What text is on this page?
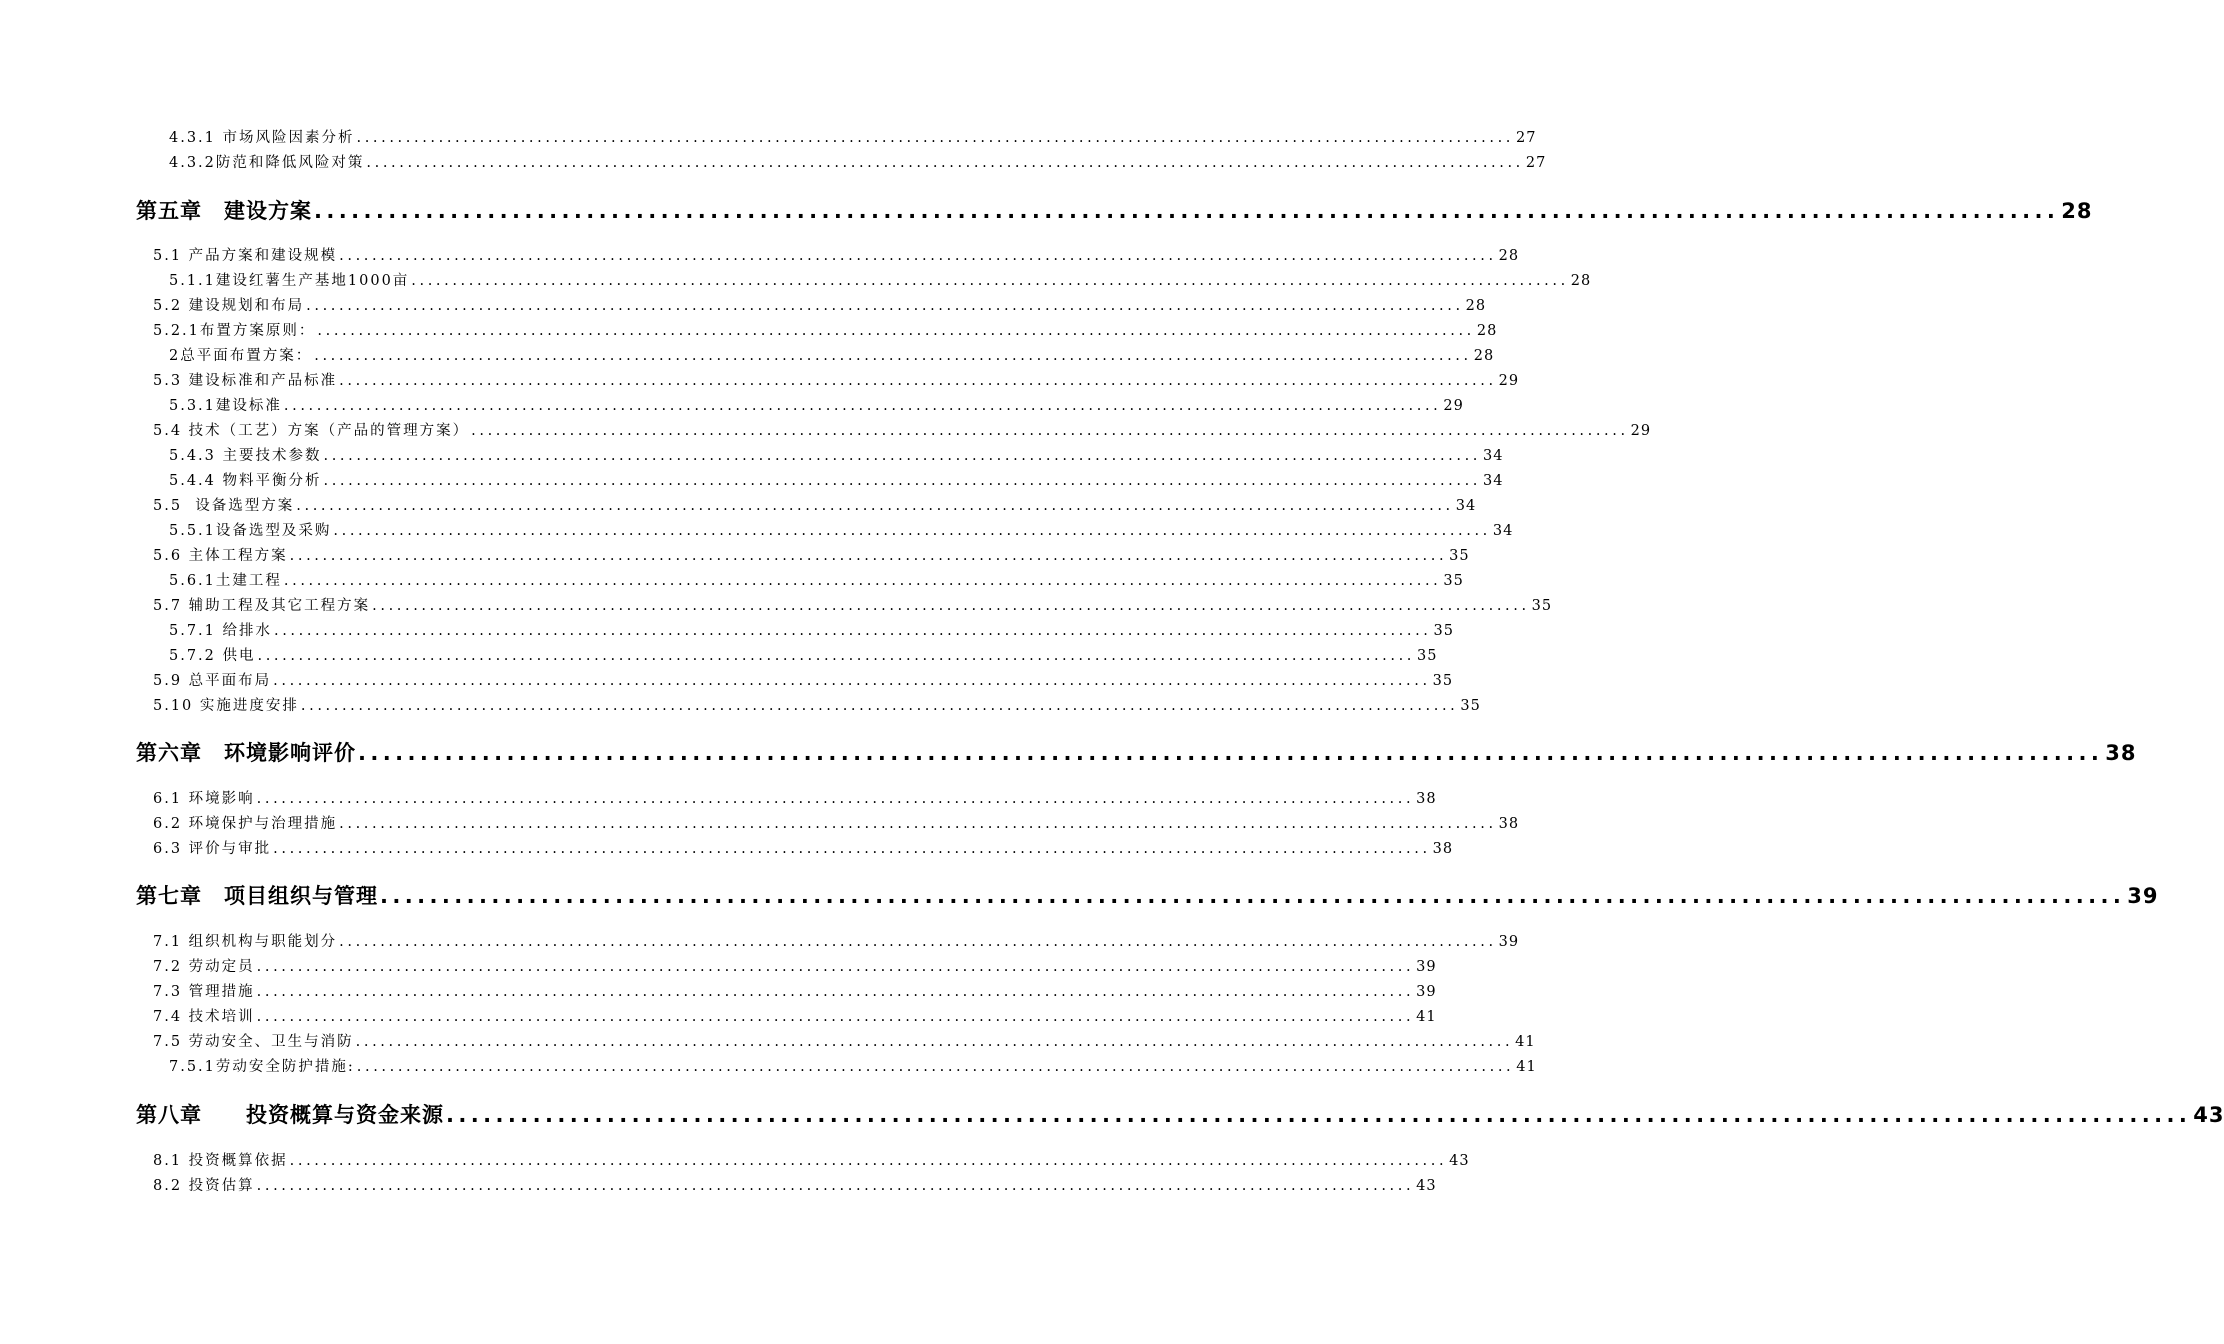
4.3.1 市场风险因素分析 ............................................................................................................................................. 27
4.3.2防范和降低风险对策 ............................................................................................................................................. 27
第五章　建设方案 ............................................................................................................................................. 28
5.1 产品方案和建设规模 ............................................................................................................................................. 28
5.1.1建设红薯生产基地1000亩 ............................................................................................................................................. 28
5.2 建设规划和布局 ............................................................................................................................................. 28
5.2.1布置方案原则： ............................................................................................................................................. 28
2总平面布置方案： ............................................................................................................................................. 28
5.3 建设标准和产品标准 ............................................................................................................................................. 29
5.3.1建设标准 ............................................................................................................................................. 29
5.4 技术（工艺）方案（产品的管理方案） ............................................................................................................................................. 29
5.4.3 主要技术参数 ............................................................................................................................................. 34
5.4.4 物料平衡分析 ............................................................................................................................................. 34
5.5  设备选型方案 ............................................................................................................................................. 34
5.5.1设备选型及采购 ............................................................................................................................................. 34
5.6 主体工程方案 ............................................................................................................................................. 35
5.6.1土建工程 ............................................................................................................................................. 35
5.7 辅助工程及其它工程方案 ............................................................................................................................................. 35
5.7.1 给排水 ............................................................................................................................................. 35
5.7.2 供电 ............................................................................................................................................. 35
5.9 总平面布局 ............................................................................................................................................. 35
5.10 实施进度安排 ............................................................................................................................................. 35
第六章　环境影响评价 ............................................................................................................................................. 38
6.1 环境影响 ............................................................................................................................................. 38
6.2 环境保护与治理措施 ............................................................................................................................................. 38
6.3 评价与审批 ............................................................................................................................................. 38
第七章　项目组织与管理 ............................................................................................................................................. 39
7.1 组织机构与职能划分 ............................................................................................................................................. 39
7.2 劳动定员 ............................................................................................................................................. 39
7.3 管理措施 ............................................................................................................................................. 39
7.4 技术培训 ............................................................................................................................................. 41
7.5 劳动安全、卫生与消防 ............................................................................................................................................. 41
7.5.1劳动安全防护措施: ............................................................................................................................................. 41
第八章　　投资概算与资金来源 ............................................................................................................................................. 43
8.1 投资概算依据 ............................................................................................................................................. 43
8.2 投资估算 ............................................................................................................................................. 43
